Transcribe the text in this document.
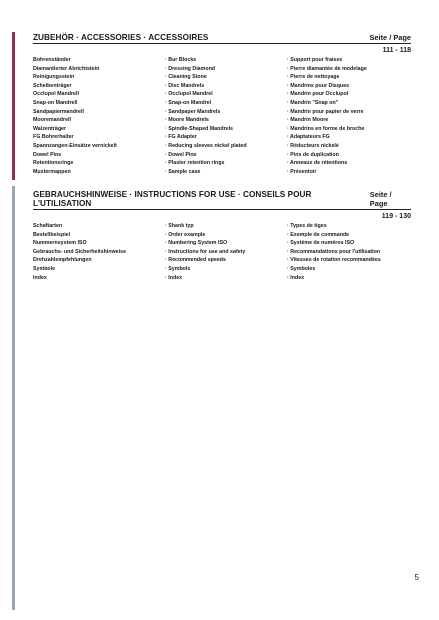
ZUBEHÖR · ACCESSORIES · ACCESSOIRES	Seite / Page
111 - 118
Bohrenständer
Diamantierter Abrichtstein
Reinigungsstein
Scheibenträger
Occlupol Mandrell
Snap-on Mandrell
Sandpapiermandrell
Mooremandrell
Walzenträger
FG Bohrerhalter
Spannzangen-Einsätze vernickelt
Dowel Pins
Retentionsringe
Mustermappen
· Bur Blocks
· Dressing Diamond
· Cleaning Stone
· Disc Mandrels
· Occlupol Mandrel
· Snap-on Mandrel
· Sandpaper Mandrels
· Moore Mandrels
· Spindle-Shaped Mandrels
· FG Adapter
· Reducing sleeves nickel plated
· Dowel Pins
· Plaster retention rings
· Sample case
· Support pour fraises
· Pierre diamantée de modelage
· Pierre de nettoyage
· Mandrins pour Disques
· Mandrin pour Occlupol
· Mandrin "Snap on"
· Mandrin pour papier de verre
· Mandrin Moore
· Mandrins en forme de broche
· Adaptateurs FG
· Réducteurs nickelé
· Pins de duplication
· Anneaux de rétentions
· Présentoir
GEBRAUCHSHINWEISE · INSTRUCTIONS FOR USE · CONSEILS POUR L'UTILISATION
Seite / Page
119 - 130
Schaftarten
Bestellbeispiel
Nummernsystem ISO
Gebrauchs- und Sicherheitshinweise
Drehzahlempfehlungen
Symbole
Index
· Shank typ
· Order example
· Numbering System ISO
· Instructions for use and safety
· Recommended speeds
· Symbols
· Index
· Types de tiges
· Exemple de commande
· Système de numéros ISO
· Recommandations pour l'utilisation
· Vitesses de rotation recommandées
· Symboles
· Index
5
